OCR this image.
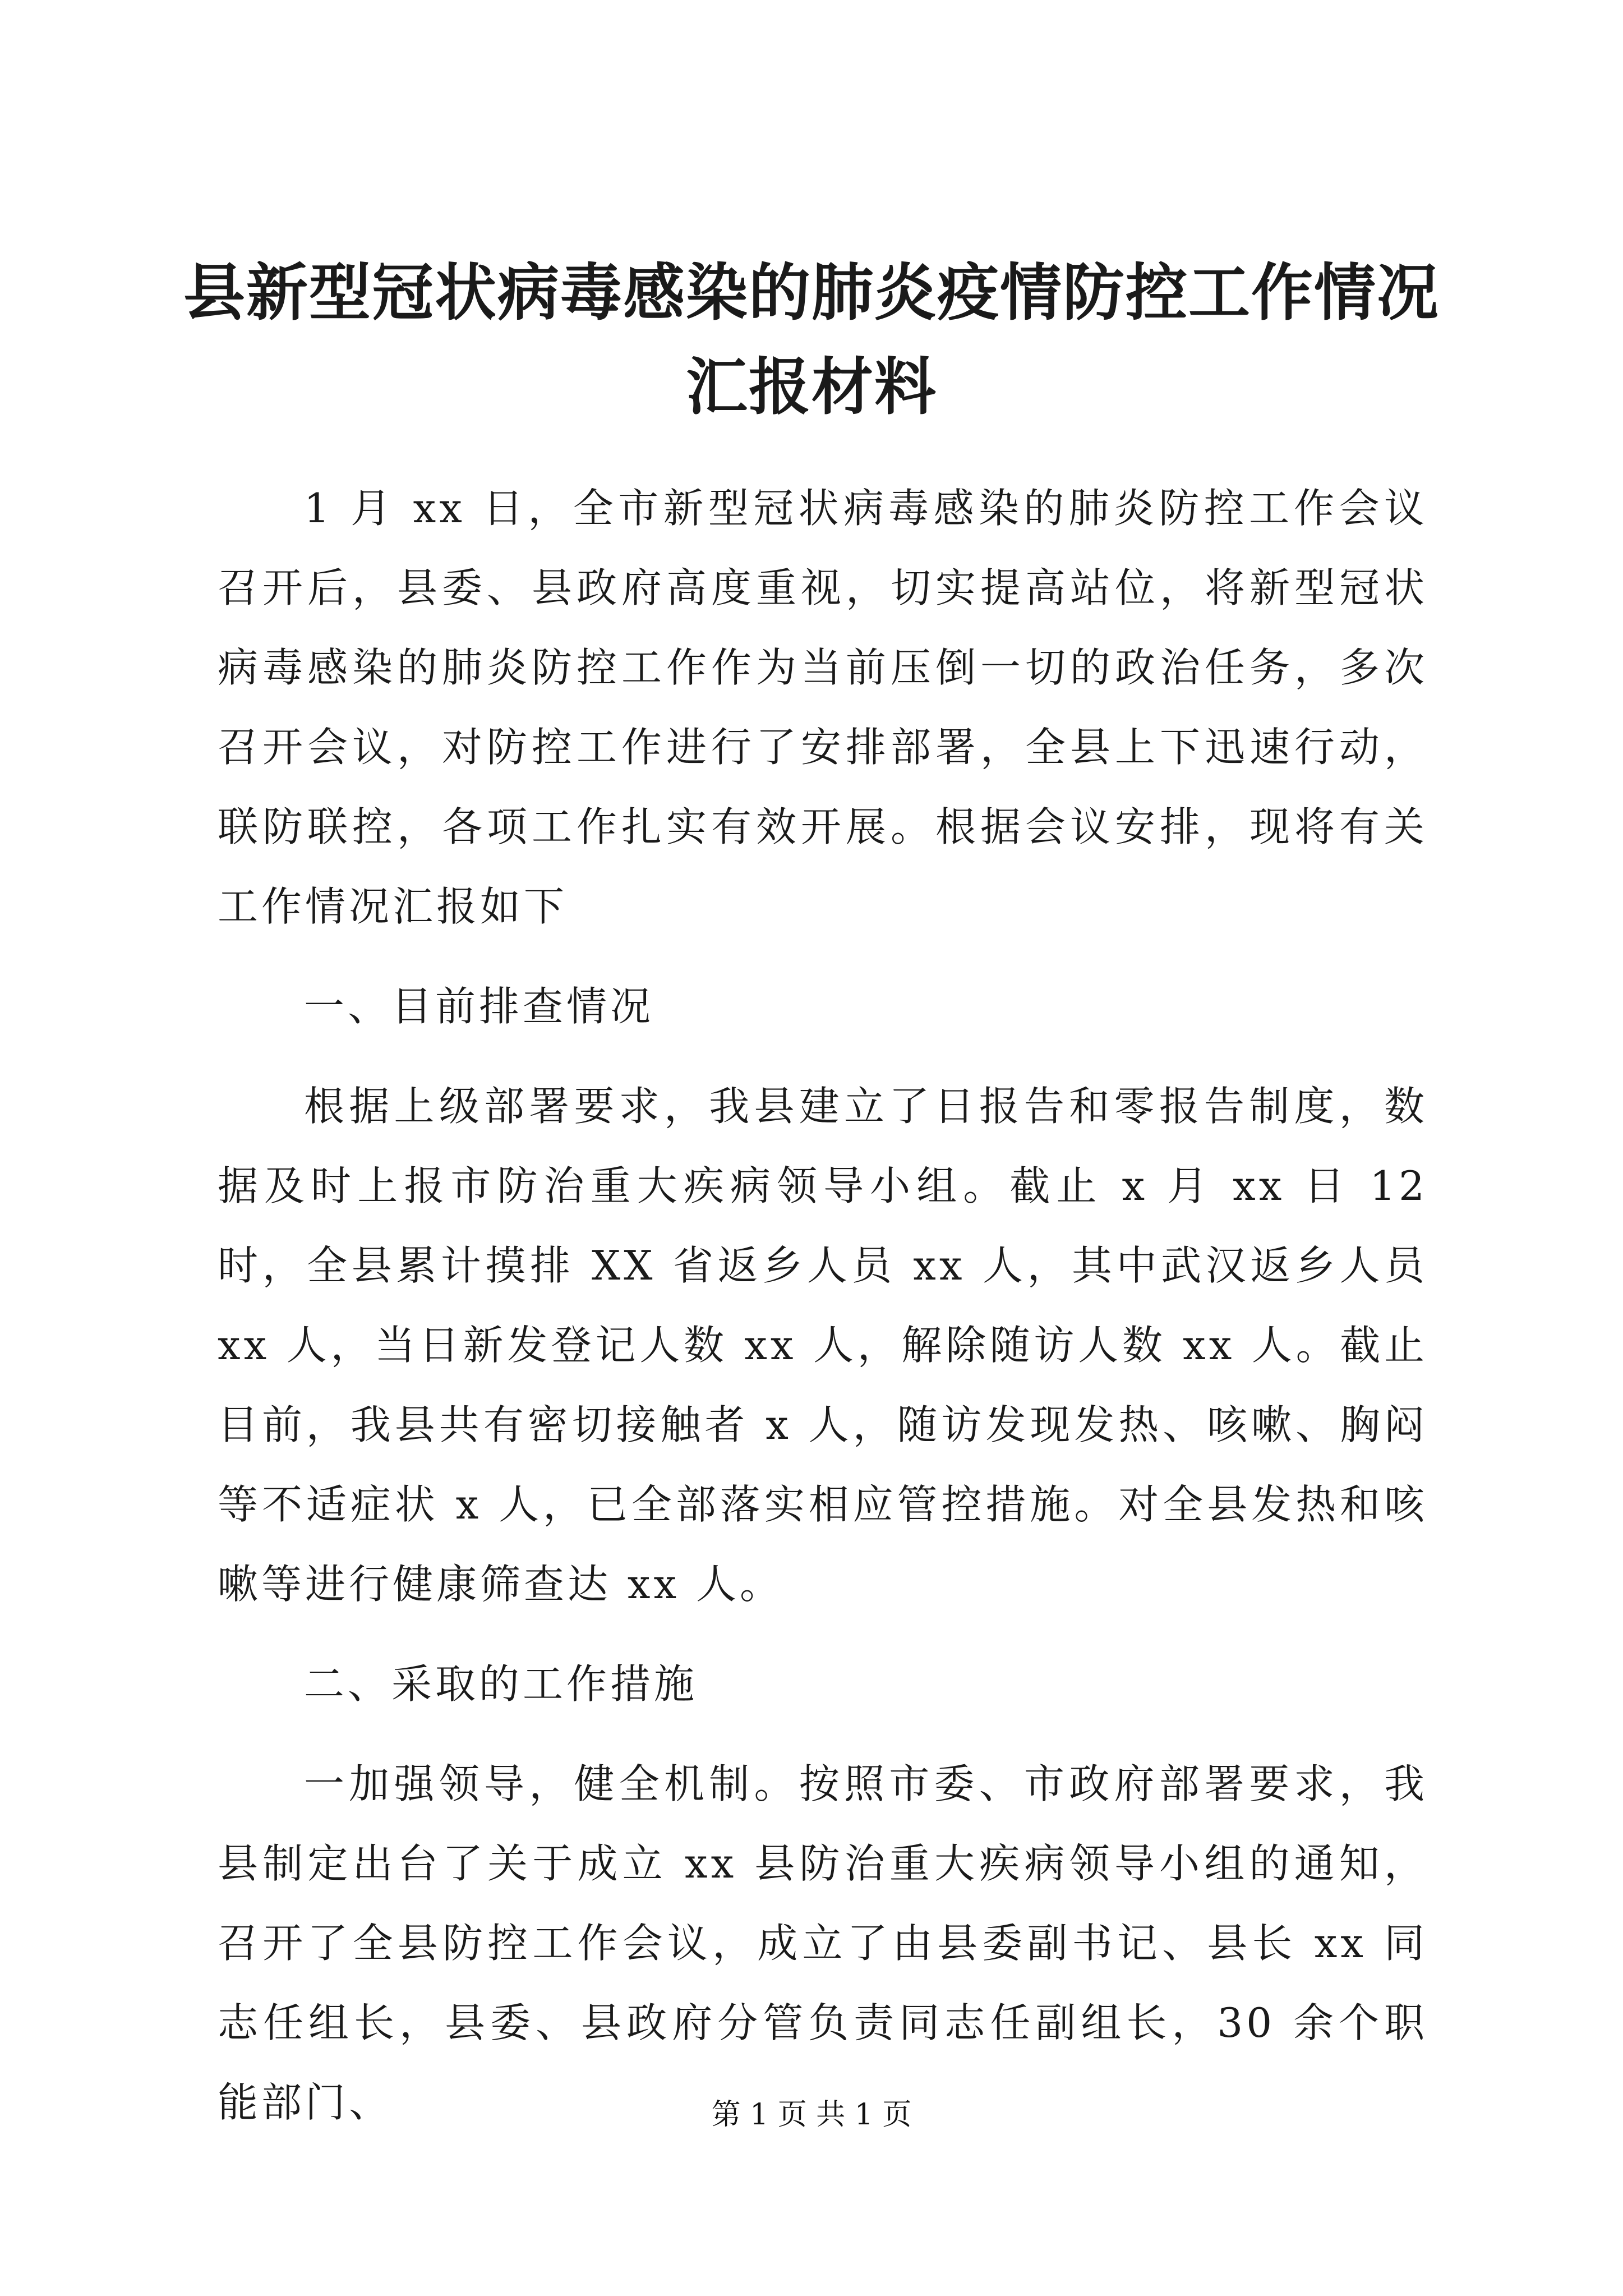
县新型冠状病毒感染的肺炎疫情防控工作情况
汇报材料

1 月 xx 日，全市新型冠状病毒感染的肺炎防控工作会议召开后，县委、县政府高度重视，切实提高站位，将新型冠状病毒感染的肺炎防控工作作为当前压倒一切的政治任务，多次召开会议，对防控工作进行了安排部署，全县上下迅速行动，联防联控，各项工作扎实有效开展。根据会议安排，现将有关工作情况汇报如下

一、目前排查情况

根据上级部署要求，我县建立了日报告和零报告制度，数据及时上报市防治重大疾病领导小组。截止 x 月 xx 日 12 时，全县累计摸排 XX 省返乡人员 xx 人，其中武汉返乡人员 xx 人，当日新发登记人数 xx 人，解除随访人数 xx 人。截止目前，我县共有密切接触者 x 人，随访发现发热、咳嗽、胸闷等不适症状 x 人，已全部落实相应管控措施。对全县发热和咳嗽等进行健康筛查达 xx 人。

二、采取的工作措施

一加强领导，健全机制。按照市委、市政府部署要求，我县制定出台了关于成立 xx 县防治重大疾病领导小组的通知，召开了全县防控工作会议，成立了由县委副书记、县长 xx 同志任组长，县委、县政府分管负责同志任副组长，30 余个职能部门、	第 1 页 共 1 页
